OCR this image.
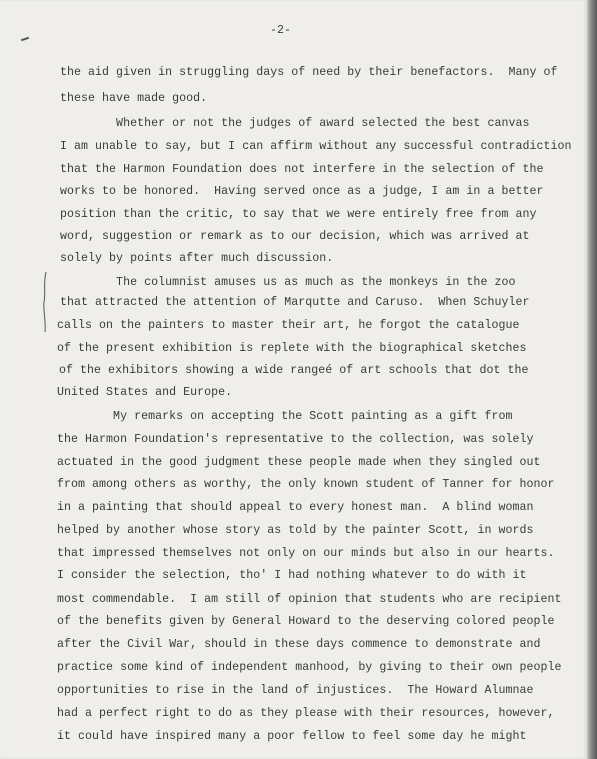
-2-
the aid given in struggling days of need by their benefactors.  Many of
these have made good.
Whether or not the judges of award selected the best canvas
I am unable to say, but I can affirm without any successful contradiction
that the Harmon Foundation does not interfere in the selection of the
works to be honored.  Having served once as a judge, I am in a better
position than the critic, to say that we were entirely free from any
word, suggestion or remark as to our decision, which was arrived at
solely by points after much discussion.
The columnist amuses us as much as the monkeys in the zoo
that attracted the attention of Marqutte and Caruso.  When Schuyler
calls on the painters to master their art, he forgot the catalogue
of the present exhibition is replete with the biographical sketches
of the exhibitors showing a wide rangeé of art schools that dot the
United States and Europe.
My remarks on accepting the Scott painting as a gift from
the Harmon Foundation's representative to the collection, was solely
actuated in the good judgment these people made when they singled out
from among others as worthy, the only known student of Tanner for honor
in a painting that should appeal to every honest man.  A blind woman
helped by another whose story as told by the painter Scott, in words
that impressed themselves not only on our minds but also in our hearts.
I consider the selection, tho' I had nothing whatever to do with it
most commendable.  I am still of opinion that students who are recipient
of the benefits given by General Howard to the deserving colored people
after the Civil War, should in these days commence to demonstrate and
practice some kind of independent manhood, by giving to their own people
opportunities to rise in the land of injustices.  The Howard Alumnae
had a perfect right to do as they please with their resources, however,
it could have inspired many a poor fellow to feel some day he might
